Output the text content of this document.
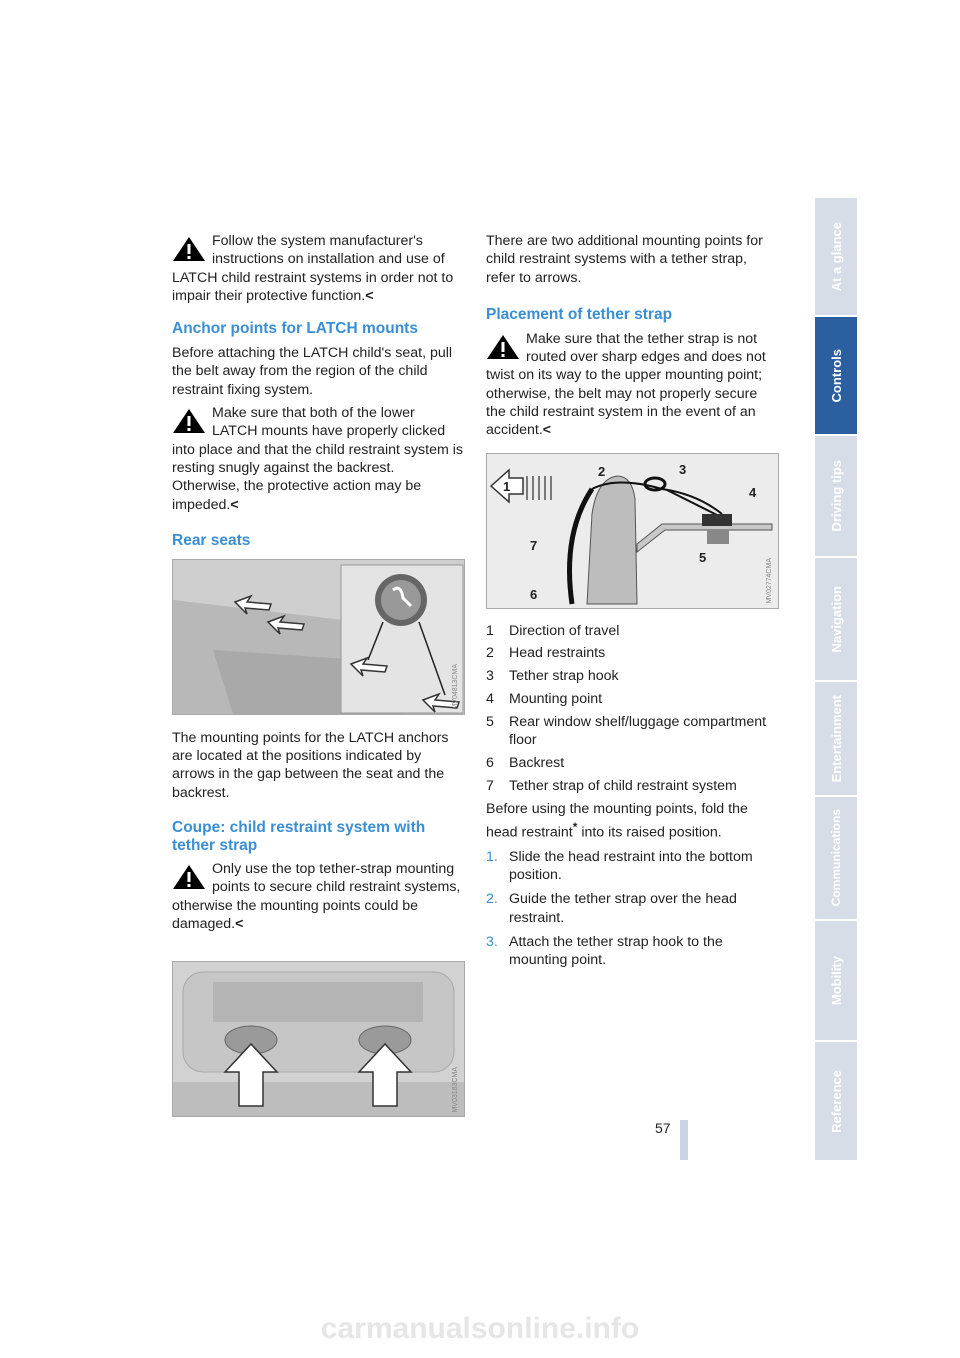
Follow the system manufacturer's instructions on installation and use of LATCH child restraint systems in order not to impair their protective function.<

Anchor points for LATCH mounts

Before attaching the LATCH child's seat, pull the belt away from the region of the child restraint fixing system.

Make sure that both of the lower LATCH mounts have properly clicked into place and that the child restraint system is resting snugly against the backrest. Otherwise, the protective action may be impeded.<

Rear seats
MV04813CMA

The mounting points for the LATCH anchors are located at the positions indicated by arrows in the gap between the seat and the backrest.

Coupe: child restraint system with tether strap

Only use the top tether-strap mounting points to secure child restraint systems, otherwise the mounting points could be damaged.<

MV03183CMA

There are two additional mounting points for child restraint systems with a tether strap, refer to arrows.

Placement of tether strap

Make sure that the tether strap is not routed over sharp edges and does not twist on its way to the upper mounting point; otherwise, the belt may not properly secure the child restraint system in the event of an accident.<

1
2	3
4
5
6
7
MV02774CMA
1	Direction of travel
2	Head restraints
3	Tether strap hook
4	Mounting point
5	Rear window shelf/luggage compartment floor
6	Backrest
7	Tether strap of child restraint system

Before using the mounting points, fold the head restraint* into its raised position.

1. Slide the head restraint into the bottom position.
2. Guide the tether strap over the head restraint.
3. Attach the tether strap hook to the mounting point.
At a glance
Controls
Driving tips
Navigation
Entertainment
Communications
Mobility
Reference
57
carmanualsonline.info
